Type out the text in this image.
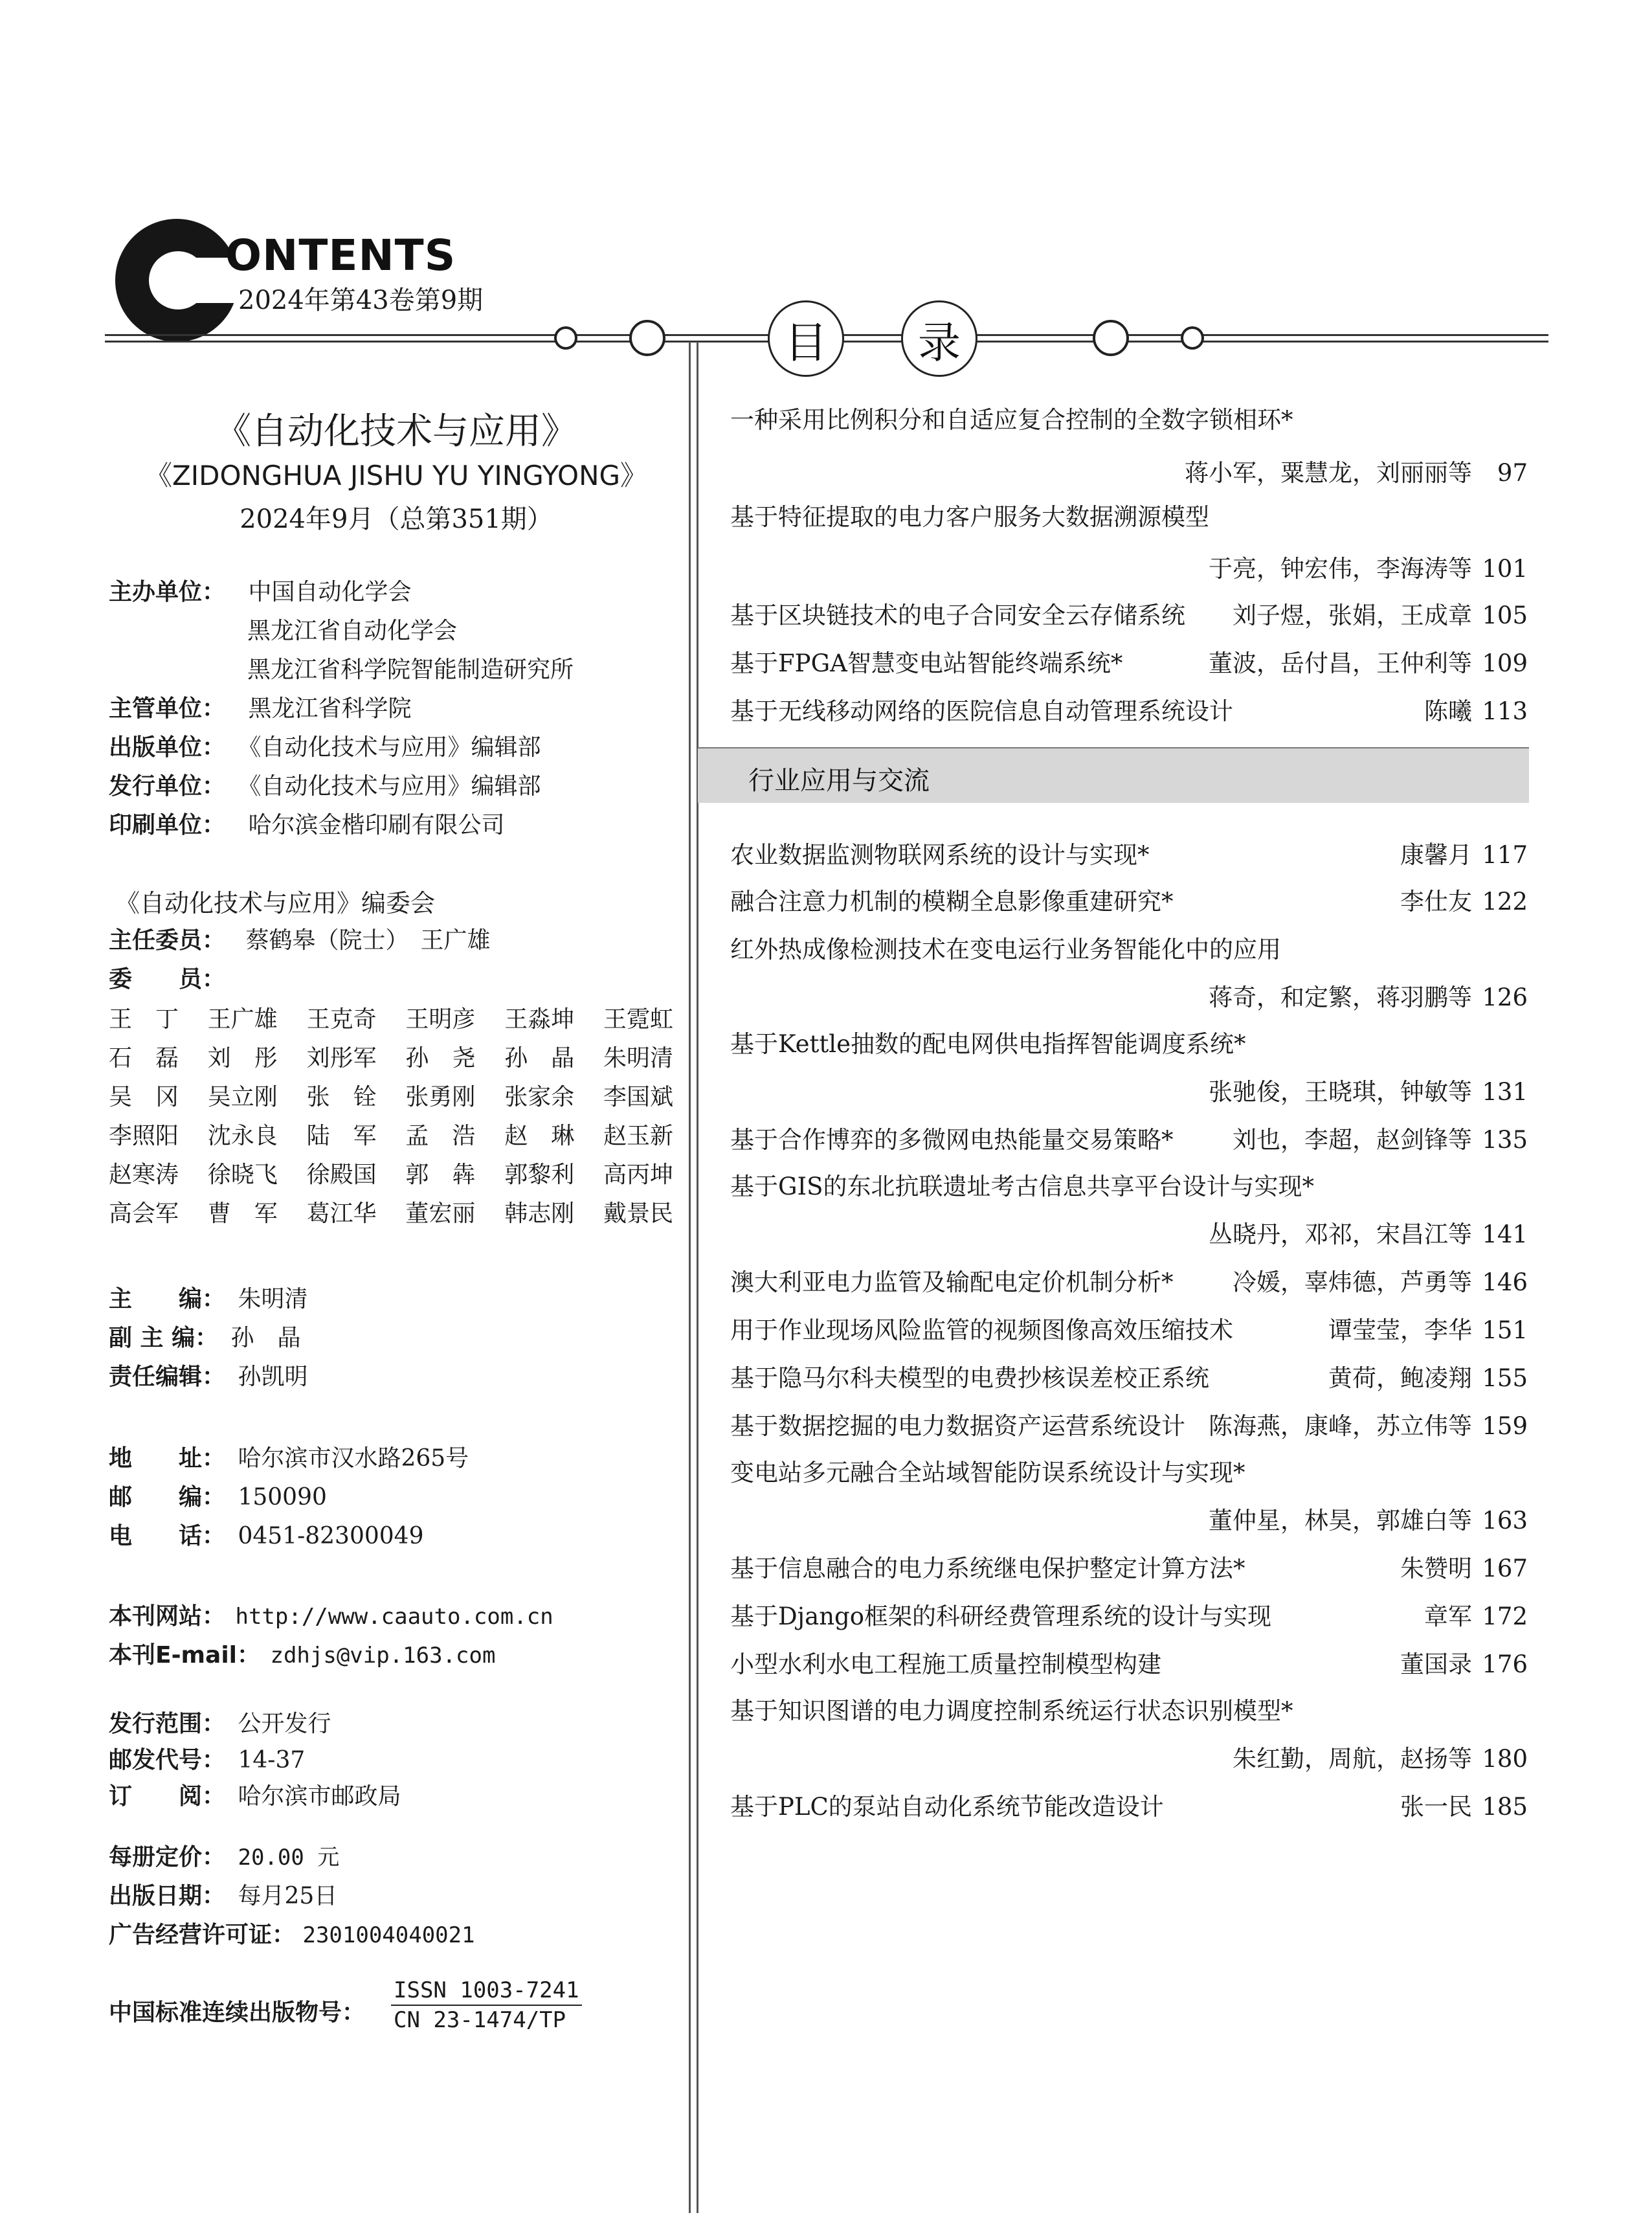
ONTENTS
2024年第43卷第9期
目	录
《自动化技术与应用》
《ZIDONGHUA JISHU YU YINGYONG》
2024年9月（总第351期）
主办单位： 中国自动化学会
黑龙江省自动化学会
黑龙江省科学院智能制造研究所
主管单位： 黑龙江省科学院
出版单位： 《自动化技术与应用》编辑部
发行单位： 《自动化技术与应用》编辑部
印刷单位： 哈尔滨金楷印刷有限公司
《自动化技术与应用》编委会
主任委员： 蔡鹤皋（院士）　王广雄
委　　员：
王　丁 王广雄 王克奇 王明彦 王淼坤 王霓虹
石　磊 刘　彤 刘彤军 孙　尧 孙　晶 朱明清
吴　冈 吴立刚 张　铨 张勇刚 张家余 李国斌
李照阳 沈永良 陆　军 孟　浩 赵　琳 赵玉新
赵寒涛 徐晓飞 徐殿国 郭　犇 郭黎利 高丙坤
高会军 曹　军 葛江华 董宏丽 韩志刚 戴景民
主　　编： 朱明清
副 主 编： 孙　晶
责任编辑： 孙凯明
地　　址： 哈尔滨市汉水路265号
邮　　编： 150090
电　　话： 0451-82300049
本刊网站： http://www.caauto.com.cn
本刊E-mail： zdhjs@vip.163.com
发行范围： 公开发行
邮发代号： 14-37
订　　阅： 哈尔滨市邮政局
每册定价： 20.00 元
出版日期： 每月25日
广告经营许可证： 2301004040021
中国标准连续出版物号：
ISSN 1003-7241
CN 23-1474/TP
一种采用比例积分和自适应复合控制的全数字锁相环*
蒋小军，粟慧龙，刘丽丽等 97
基于特征提取的电力客户服务大数据溯源模型
于亮，钟宏伟，李海涛等 101
基于区块链技术的电子合同安全云存储系统 刘子煜，张娟，王成章 105
基于FPGA智慧变电站智能终端系统*	董波，岳付昌，王仲利等 109
基于无线移动网络的医院信息自动管理系统设计	陈曦 113
行业应用与交流
农业数据监测物联网系统的设计与实现*	康馨月 117
融合注意力机制的模糊全息影像重建研究*	李仕友 122
红外热成像检测技术在变电运行业务智能化中的应用
蒋奇，和定繁，蒋羽鹏等 126
基于Kettle抽数的配电网供电指挥智能调度系统*
张驰俊，王晓琪，钟敏等 131
基于合作博弈的多微网电热能量交易策略* 刘也，李超，赵剑锋等 135
基于GIS的东北抗联遗址考古信息共享平台设计与实现*
丛晓丹，邓祁，宋昌江等 141
澳大利亚电力监管及输配电定价机制分析* 冷媛，辜炜德，芦勇等 146
用于作业现场风险监管的视频图像高效压缩技术	谭莹莹，李华 151
基于隐马尔科夫模型的电费抄核误差校正系统	黄荷，鲍凌翔 155
基于数据挖掘的电力数据资产运营系统设计 陈海燕，康峰，苏立伟等 159
变电站多元融合全站域智能防误系统设计与实现*
董仲星，林昊，郭雄白等 163
基于信息融合的电力系统继电保护整定计算方法*	朱赞明 167
基于Django框架的科研经费管理系统的设计与实现	章军 172
小型水利水电工程施工质量控制模型构建	董国录 176
基于知识图谱的电力调度控制系统运行状态识别模型*
朱红勤，周航，赵扬等 180
基于PLC的泵站自动化系统节能改造设计	张一民 185
